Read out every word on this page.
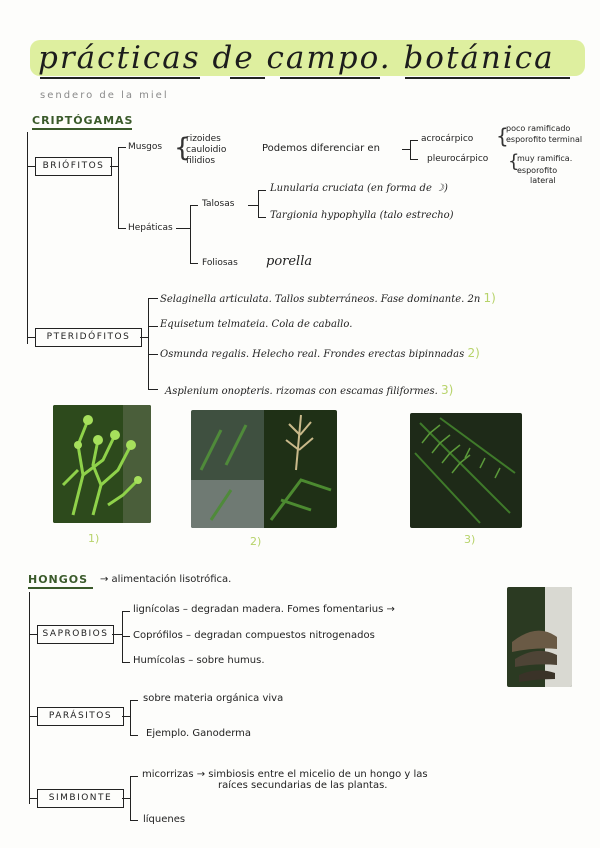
prácticas de campo. botánica
sendero de la miel
CRIPTÓGAMAS
BRIÓFITOS
Musgos {
rizoides
cauloidio
filidios
Podemos diferenciar en
acrocárpico {
poco ramificado
esporofito terminal
pleurocárpico {
muy ramifica.
esporofito
lateral
Hepáticas
Talosas
Lunularia cruciata (en forma de ☽)
Targionia hypophylla (talo estrecho)
Foliosas porella
PTERIDÓFITOS
Selaginella articulata. Tallos subterráneos. Fase dominante. 2n 1)
Equisetum telmateia. Cola de caballo.
Osmunda regalis. Helecho real. Frondes erectas bipinnadas 2)
Asplenium onopteris. rizomas con escamas filiformes. 3)
1)	2)	3)
HONGOS → alimentación lisotrófica.
SAPROBIOS
lignícolas – degradan madera. Fomes fomentarius →
Coprófilos – degradan compuestos nitrogenados
Humícolas – sobre humus.
PARÁSITOS
sobre materia orgánica viva
Ejemplo. Ganoderma
SIMBIONTE
micorrizas → simbiosis entre el micelio de un hongo y las
raíces secundarias de las plantas.
líquenes
